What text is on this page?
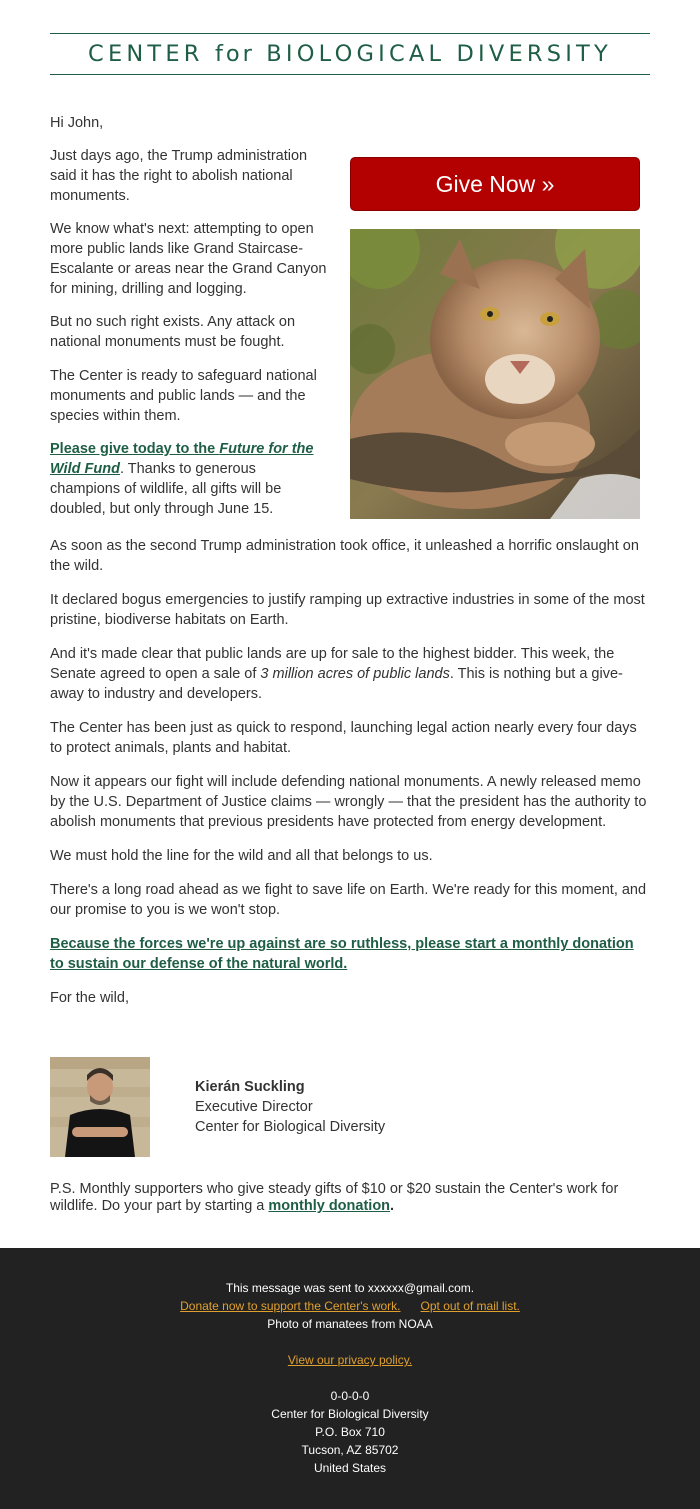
CENTER for BIOLOGICAL DIVERSITY

Hi John,

Just days ago, the Trump administration said it has the right to abolish national monuments.

We know what's next: attempting to open more public lands like Grand Staircase-Escalante or areas near the Grand Canyon for mining, drilling and logging.

But no such right exists. Any attack on national monuments must be fought.

The Center is ready to safeguard national monuments and public lands — and the species within them.

Please give today to the Future for the Wild Fund. Thanks to generous champions of wildlife, all gifts will be doubled, but only through June 15.

Give Now »

As soon as the second Trump administration took office, it unleashed a horrific onslaught on the wild.

It declared bogus emergencies to justify ramping up extractive industries in some of the most pristine, biodiverse habitats on Earth.

And it's made clear that public lands are up for sale to the highest bidder. This week, the Senate agreed to open a sale of 3 million acres of public lands. This is nothing but a give-away to industry and developers.

The Center has been just as quick to respond, launching legal action nearly every four days to protect animals, plants and habitat.

Now it appears our fight will include defending national monuments. A newly released memo by the U.S. Department of Justice claims — wrongly — that the president has the authority to abolish monuments that previous presidents have protected from energy development.

We must hold the line for the wild and all that belongs to us.

There's a long road ahead as we fight to save life on Earth. We're ready for this moment, and our promise to you is we won't stop.

Because the forces we're up against are so ruthless, please start a monthly donation to sustain our defense of the natural world.

For the wild,

Kierán Suckling
Executive Director
Center for Biological Diversity
P.S. Monthly supporters who give steady gifts of $10 or $20 sustain the Center's work for wildlife. Do your part by starting a monthly donation.
This message was sent to xxxxxx@gmail.com.
Donate now to support the Center's work. Opt out of mail list.
Photo of manatees from NOAA
View our privacy policy.
0-0-0-0
Center for Biological Diversity
P.O. Box 710
Tucson, AZ 85702
United States
